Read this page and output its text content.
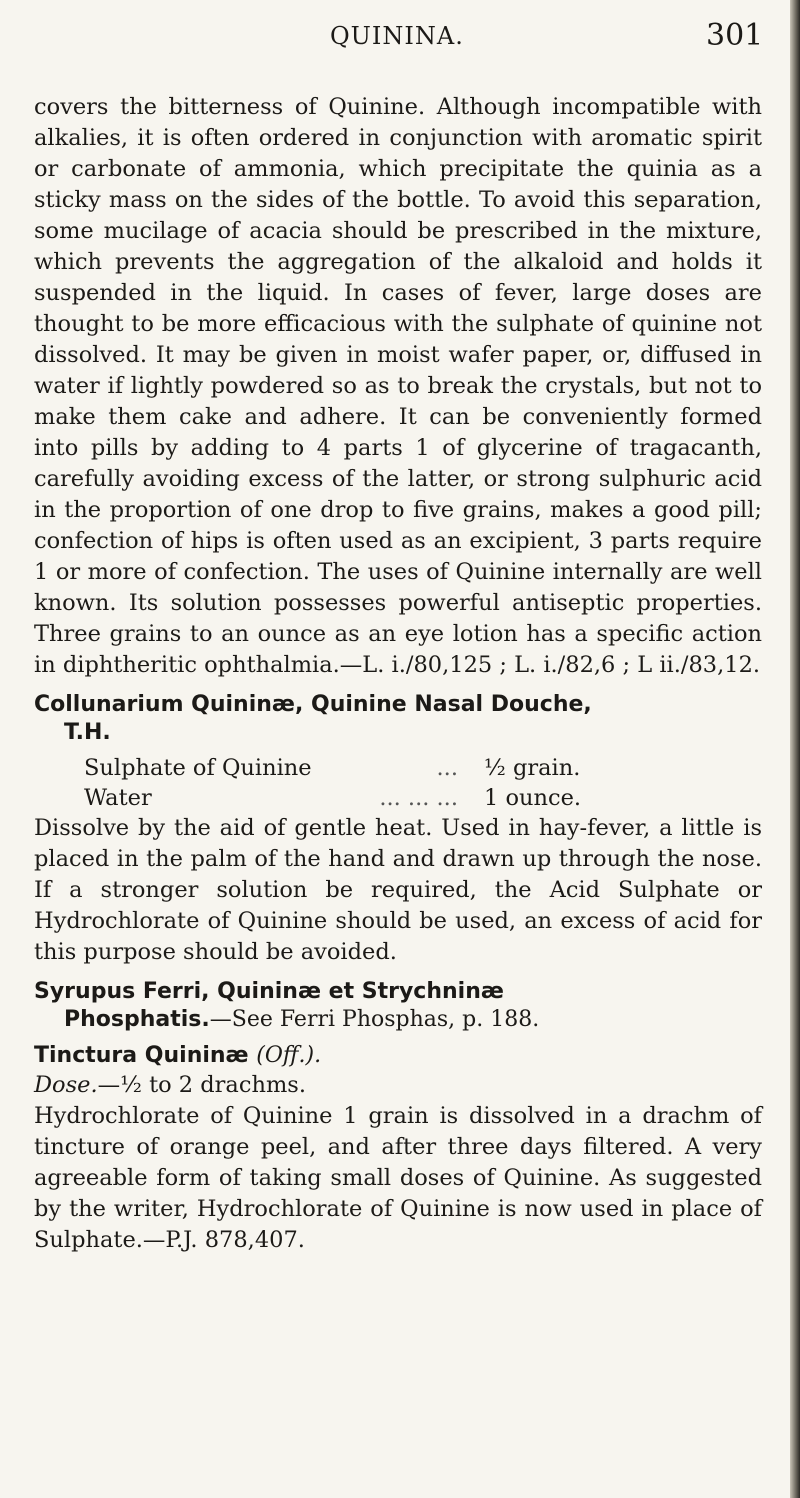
QUININA.	301

covers the bitterness of Quinine. Although incompatible with alkalies, it is often ordered in conjunction with aromatic spirit or carbonate of ammonia, which precipitate the quinia as a sticky mass on the sides of the bottle. To avoid this separation, some mucilage of acacia should be prescribed in the mixture, which prevents the aggregation of the alkaloid and holds it suspended in the liquid. In cases of fever, large doses are thought to be more efficacious with the sulphate of quinine not dissolved. It may be given in moist wafer paper, or, diffused in water if lightly powdered so as to break the crystals, but not to make them cake and adhere. It can be conveniently formed into pills by adding to 4 parts 1 of glycerine of tragacanth, carefully avoiding excess of the latter, or strong sulphuric acid in the proportion of one drop to five grains, makes a good pill; confection of hips is often used as an excipient, 3 parts require 1 or more of confection. The uses of Quinine internally are well known. Its solution possesses powerful antiseptic properties. Three grains to an ounce as an eye lotion has a specific action in diphtheritic ophthalmia.—L. i./80,125 ; L. i./82,6 ; L ii./83,12.

Collunarium Quininæ, Quinine Nasal Douche,
T.H.
Sulphate of Quinine	...	½ grain.
Water	... ... ...	1 ounce.

Dissolve by the aid of gentle heat. Used in hay-fever, a little is placed in the palm of the hand and drawn up through the nose. If a stronger solution be required, the Acid Sulphate or Hydrochlorate of Quinine should be used, an excess of acid for this purpose should be avoided.

Syrupus Ferri, Quininæ et Strychninæ
Phosphatis.—See Ferri Phosphas, p. 188.
Tinctura Quininæ (Off.).

Dose.—½ to 2 drachms.

Hydrochlorate of Quinine 1 grain is dissolved in a drachm of tincture of orange peel, and after three days filtered. A very agreeable form of taking small doses of Quinine. As suggested by the writer, Hydrochlorate of Quinine is now used in place of Sulphate.—P.J. 878,407.
